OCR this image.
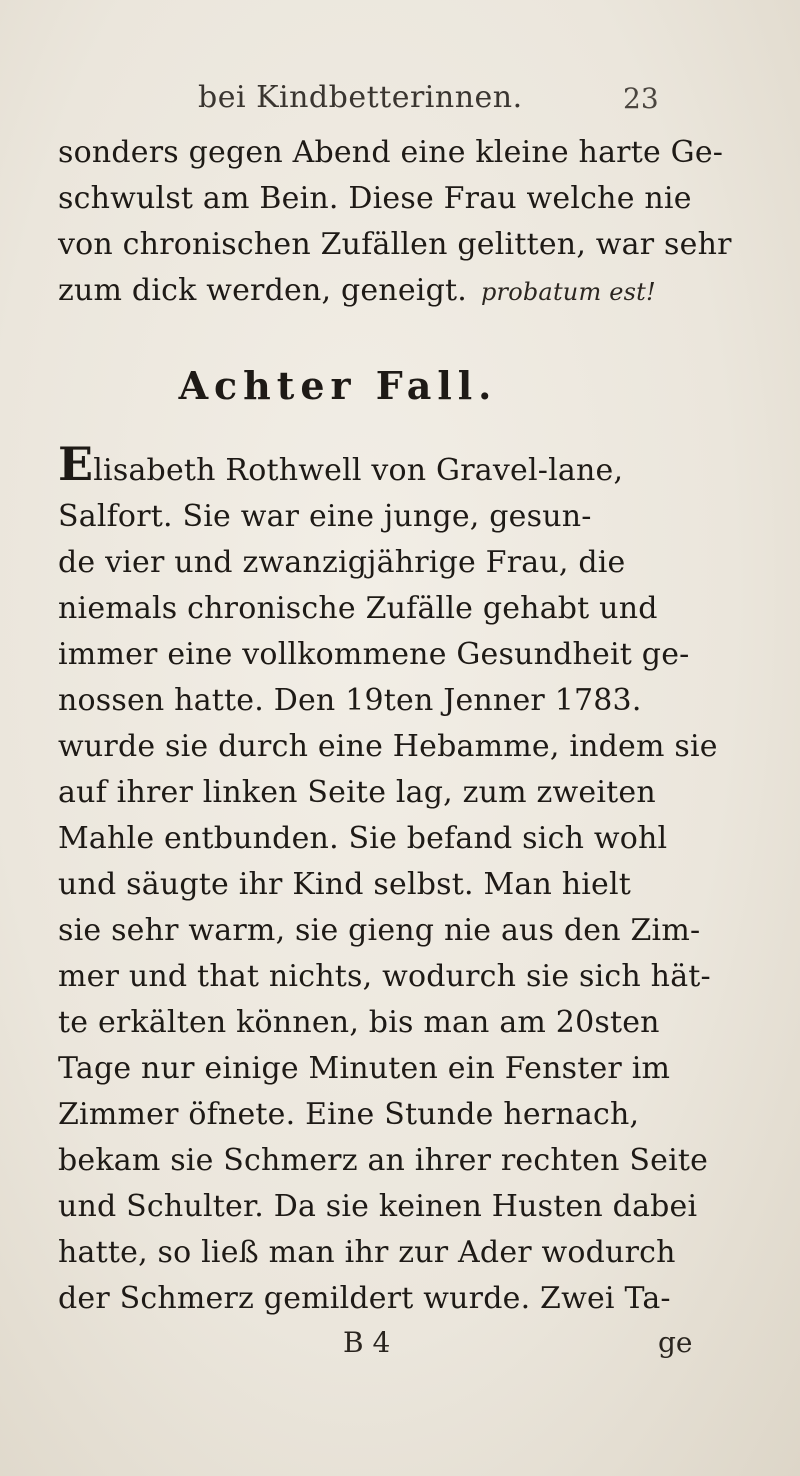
bei Kindbetterinnen.	23
sonders gegen Abend eine kleine harte Ge-
schwulst am Bein. Diese Frau welche nie
von chronischen Zufällen gelitten, war sehr
zum dick werden, geneigt. probatum est!
Achter Fall.
Elisabeth Rothwell von Gravel-lane,
Salfort. Sie war eine junge, gesun-
de vier und zwanzigjährige Frau, die
niemals chronische Zufälle gehabt und
immer eine vollkommene Gesundheit ge-
nossen hatte. Den 19ten Jenner 1783.
wurde sie durch eine Hebamme, indem sie
auf ihrer linken Seite lag, zum zweiten
Mahle entbunden. Sie befand sich wohl
und säugte ihr Kind selbst. Man hielt
sie sehr warm, sie gieng nie aus den Zim-
mer und that nichts, wodurch sie sich hät-
te erkälten können, bis man am 20sten
Tage nur einige Minuten ein Fenster im
Zimmer öfnete. Eine Stunde hernach,
bekam sie Schmerz an ihrer rechten Seite
und Schulter. Da sie keinen Husten dabei
hatte, so ließ man ihr zur Ader wodurch
der Schmerz gemildert wurde. Zwei Ta-
B 4	ge
